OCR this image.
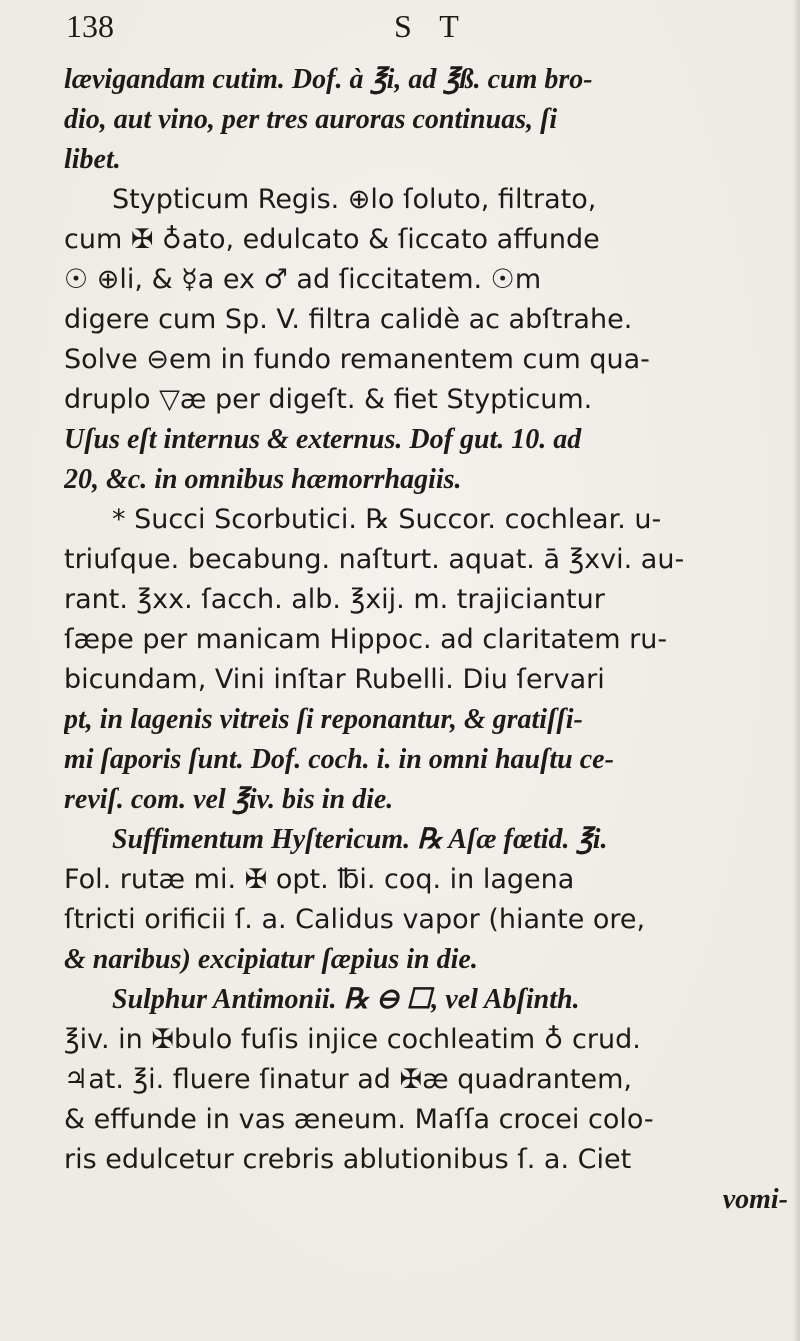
138	S T
lævigandam cutim. Dof. à ℥i, ad ℥ß. cum bro-
dio, aut vino, per tres auroras continuas, ſi
libet.
Stypticum Regis. ⊕lo ſoluto, filtrato,
cum ✠ ♁ato, edulcato & ſiccato affunde
☉ ⊕li, & ☿a ex ♂ ad ſiccitatem. ☉m
digere cum Sp. V. filtra calidè ac abſtrahe.
Solve ⊖em in fundo remanentem cum qua-
druplo ▽æ per digeſt. & fiet Stypticum.
Uſus eſt internus & externus. Dof gut. 10. ad
20, &c. in omnibus hæmorrhagiis.
* Succi Scorbutici. ℞ Succor. cochlear. u-
triuſque. becabung. naſturt. aquat. ā ℥xvi. au-
rant. ℥xx. ſacch. alb. ℥xij. m. trajiciantur
ſæpe per manicam Hippoc. ad claritatem ru-
bicundam, Vini inſtar Rubelli. Diu ſervari
pt, in lagenis vitreis ſi reponantur, & gratiſſi-
mi ſaporis ſunt. Dof. coch. i. in omni hauſtu ce-
reviſ. com. vel ℥iv. bis in die.
Suffimentum Hyſtericum. ℞ Aſæ fœtid. ℥i.
Fol. rutæ mi. ✠ opt. ℔i. coq. in lagena
ſtricti orificii ſ. a. Calidus vapor (hiante ore,
& naribus) excipiatur ſæpius in die.
Sulphur Antimonii. ℞ ⊖ ☐, vel Abſinth.
℥iv. in ✠bulo fuſis injice cochleatim ♁ crud.
♃at. ℥i. fluere ſinatur ad ✠æ quadrantem,
& effunde in vas æneum. Maſſa crocei colo-
ris edulcetur crebris ablutionibus ſ. a. Ciet
vomi-
